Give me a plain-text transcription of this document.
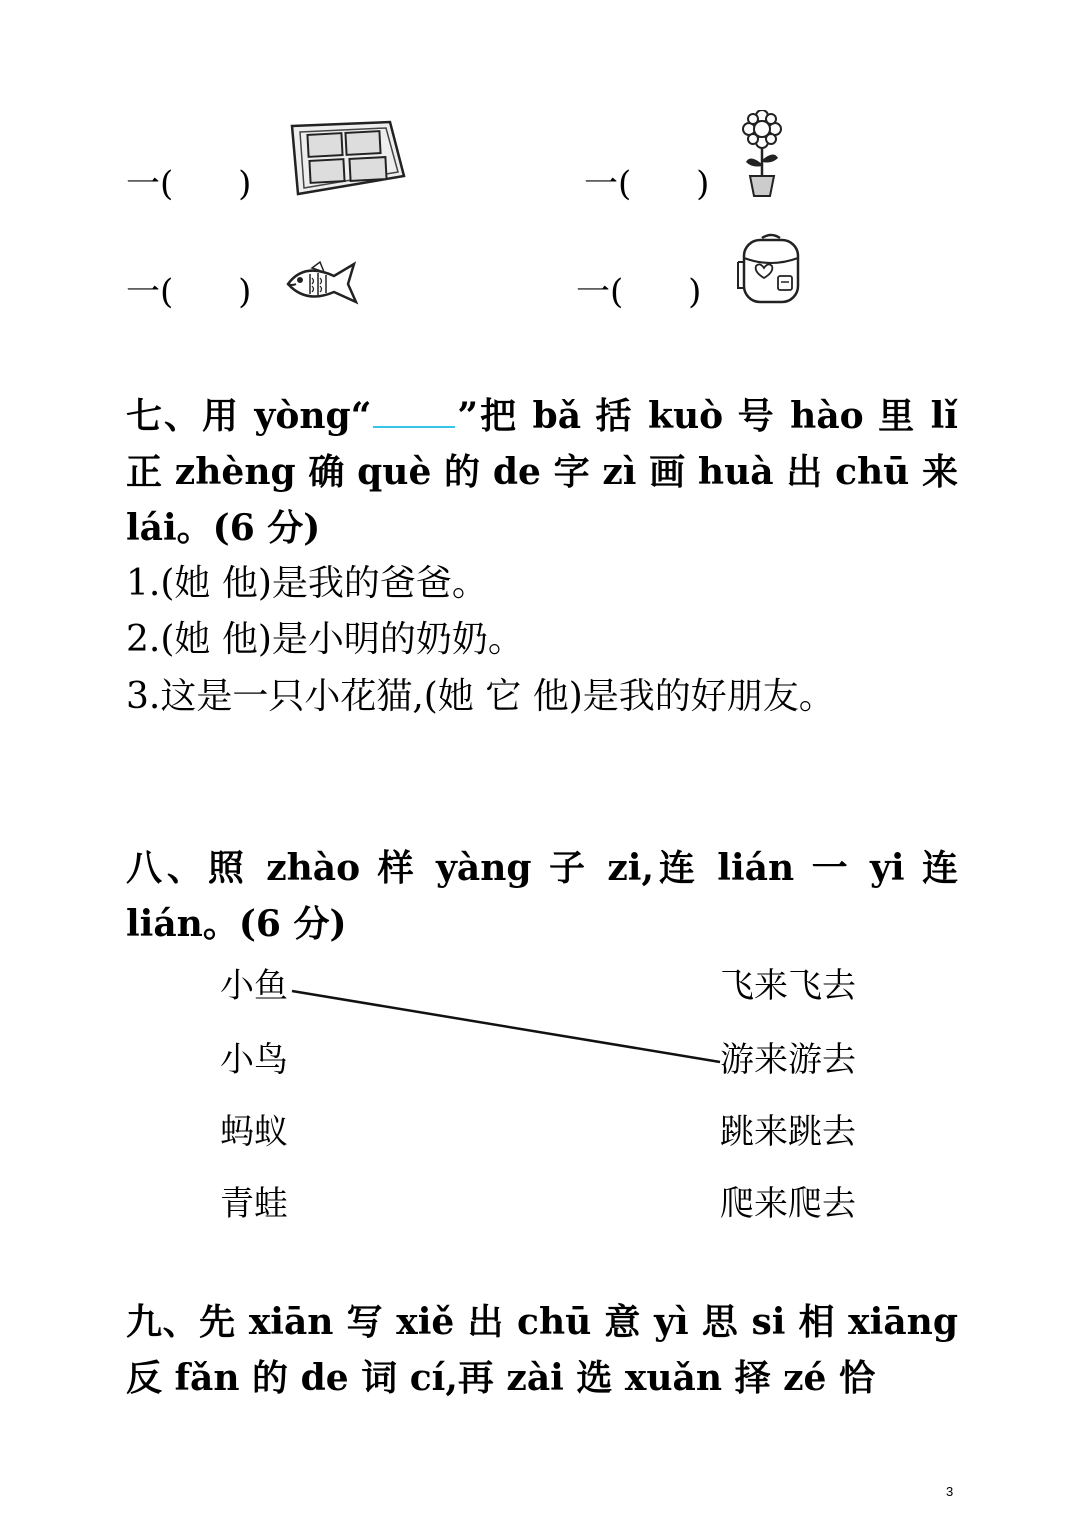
一(      )	一(      )
一(      )	一(      )
七、用 yòng“ ”把 bǎ 括 kuò 号 hào 里 lǐ 正 zhèng 确 què 的 de 字 zì 画 huà 出 chū 来 lái。(6 分)
1.(她 他)是我的爸爸。
2.(她 他)是小明的奶奶。
3.这是一只小花猫,(她 它 他)是我的好朋友。
八、照 zhào 样 yàng 子 zi,连 lián 一 yi 连 lián。(6 分)
小鱼
小鸟
蚂蚁
青蛙
飞来飞去
游来游去
跳来跳去
爬来爬去
九、先 xiān 写 xiě 出 chū 意 yì 思 si 相 xiāng 反 fǎn 的 de 词 cí,再 zài 选 xuǎn 择 zé 恰
3
